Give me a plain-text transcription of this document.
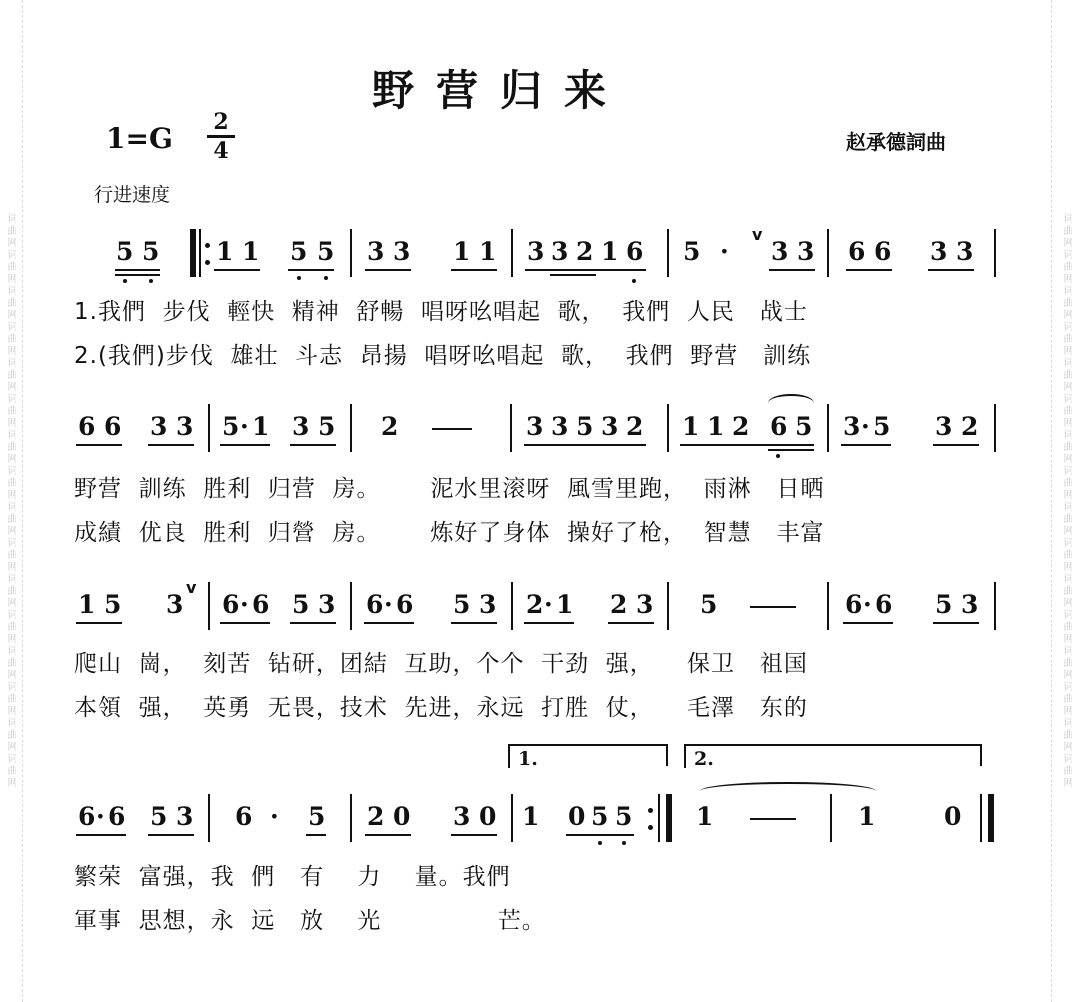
词曲网词曲网词曲网词曲网词曲网词曲网词曲网词曲网词曲网词曲网词曲网词曲网词曲网词曲网词曲网词曲网	词曲网词曲网词曲网词曲网词曲网词曲网词曲网词曲网词曲网词曲网词曲网词曲网词曲网词曲网词曲网词曲网
野营归来
1=G 2
4	赵承德詞曲
行进速度
5 5 1 1 5 5 3 3 1 1 3 3 2 1 6 5 ·
v
3 3 6 6 3 3
1.我們  步伐  輕快  精神  舒暢  唱呀吆唱起  歌，  我們  人民   战士
2.(我們)步伐  雄壮  斗志  昂揚  唱呀吆唱起  歌，  我們  野营   訓练
6 6 3 3 5 · 1 3 5 2	3 3 5 3 2 1 1 2 6 5 3 · 5 3 2
野营  訓练  胜利  归营  房。      泥水里滚呀  風雪里跑，  雨淋   日晒
成績  优良  胜利  归營  房。      炼好了身体  操好了枪，  智慧   丰富
1 5 3
v
6 · 6 5 3 6 · 6 5 3 2 · 1 2 3 5	6 · 6 5 3
爬山  崗，  刻苦  钻研，团結  互助，个个  干劲  强，    保卫   祖国
本領  强，  英勇  无畏，技术  先进，永远  打胜  仗，    毛澤   东的
1.	2.
6 · 6 5 3 6 · 5 2 0 3 0 1 0 5 5	1	1	0
繁荣  富强，我  們   有    力    量。我們
軍事  思想，永  远   放    光              芒。
